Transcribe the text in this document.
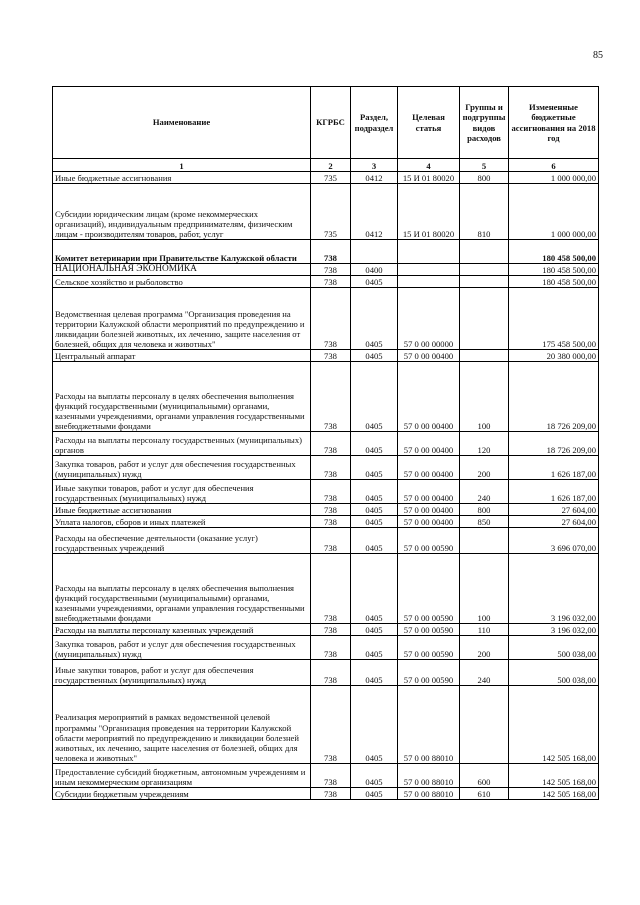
85
Наименование	КГРБС	Раздел, подраздел	Целевая статья	Группы и подгруппы видов расходов	Измененные бюджетные ассигнования на 2018 год
1	2	3	4	5	6
Иные бюджетные ассигнования	735	0412	15 И 01 80020	800	1 000 000,00
Субсидии юридическим лицам (кроме некоммерческих организаций), индивидуальным предпринимателям, физическим лицам - производителям товаров, работ, услуг	735	0412	15 И 01 80020	810	1 000 000,00
Комитет ветеринарии при Правительстве Калужской области	738				180 458 500,00
НАЦИОНАЛЬНАЯ ЭКОНОМИКА	738	0400			180 458 500,00
Сельское хозяйство и рыболовство	738	0405			180 458 500,00
Ведомственная целевая программа "Организация проведения на территории Калужской области мероприятий по предупреждению и ликвидации болезней животных, их лечению, защите населения от болезней, общих для человека и животных"	738	0405	57 0 00 00000		175 458 500,00
Центральный аппарат	738	0405	57 0 00 00400		20 380 000,00
Расходы на выплаты персоналу в целях обеспечения выполнения функций государственными (муниципальными) органами, казенными учреждениями, органами управления государственными внебюджетными фондами	738	0405	57 0 00 00400	100	18 726 209,00
Расходы на выплаты персоналу государственных (муниципальных) органов	738	0405	57 0 00 00400	120	18 726 209,00
Закупка товаров, работ и услуг для обеспечения государственных (муниципальных) нужд	738	0405	57 0 00 00400	200	1 626 187,00
Иные закупки товаров, работ и услуг для обеспечения государственных (муниципальных) нужд	738	0405	57 0 00 00400	240	1 626 187,00
Иные бюджетные ассигнования	738	0405	57 0 00 00400	800	27 604,00
Уплата налогов, сборов и иных платежей	738	0405	57 0 00 00400	850	27 604,00
Расходы на обеспечение деятельности (оказание услуг) государственных учреждений	738	0405	57 0 00 00590		3 696 070,00
Расходы на выплаты персоналу в целях обеспечения выполнения функций государственными (муниципальными) органами, казенными учреждениями, органами управления государственными внебюджетными фондами	738	0405	57 0 00 00590	100	3 196 032,00
Расходы на выплаты персоналу казенных учреждений	738	0405	57 0 00 00590	110	3 196 032,00
Закупка товаров, работ и услуг для обеспечения государственных (муниципальных) нужд	738	0405	57 0 00 00590	200	500 038,00
Иные закупки товаров, работ и услуг для обеспечения государственных (муниципальных) нужд	738	0405	57 0 00 00590	240	500 038,00
Реализация мероприятий в рамках ведомственной целевой программы "Организация проведения на территории Калужской области мероприятий по предупреждению и ликвидации болезней животных, их лечению, защите населения от болезней, общих для человека и животных"	738	0405	57 0 00 88010		142 505 168,00
Предоставление субсидий бюджетным, автономным учреждениям и иным некоммерческим организациям	738	0405	57 0 00 88010	600	142 505 168,00
Субсидии бюджетным учреждениям	738	0405	57 0 00 88010	610	142 505 168,00
